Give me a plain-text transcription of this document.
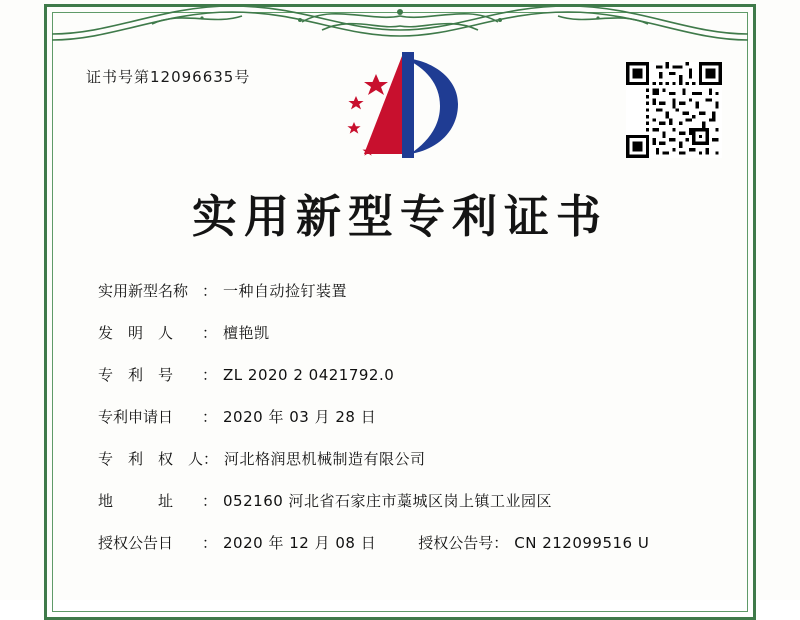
证书号第12096635号
实用新型专利证书
实用新型名称 ： 一种自动捡钉装置
发　明　人	： 檀艳凯
专　利　号	： ZL 2020 2 0421792.0
专利申请日	： 2020 年 03 月 28 日
专　利　权　人 ： 河北格润思机械制造有限公司
地　　　址	： 052160 河北省石家庄市藁城区岗上镇工业园区
授权公告日	： 2020 年 12 月 08 日	授权公告号 ： CN 212099516 U
